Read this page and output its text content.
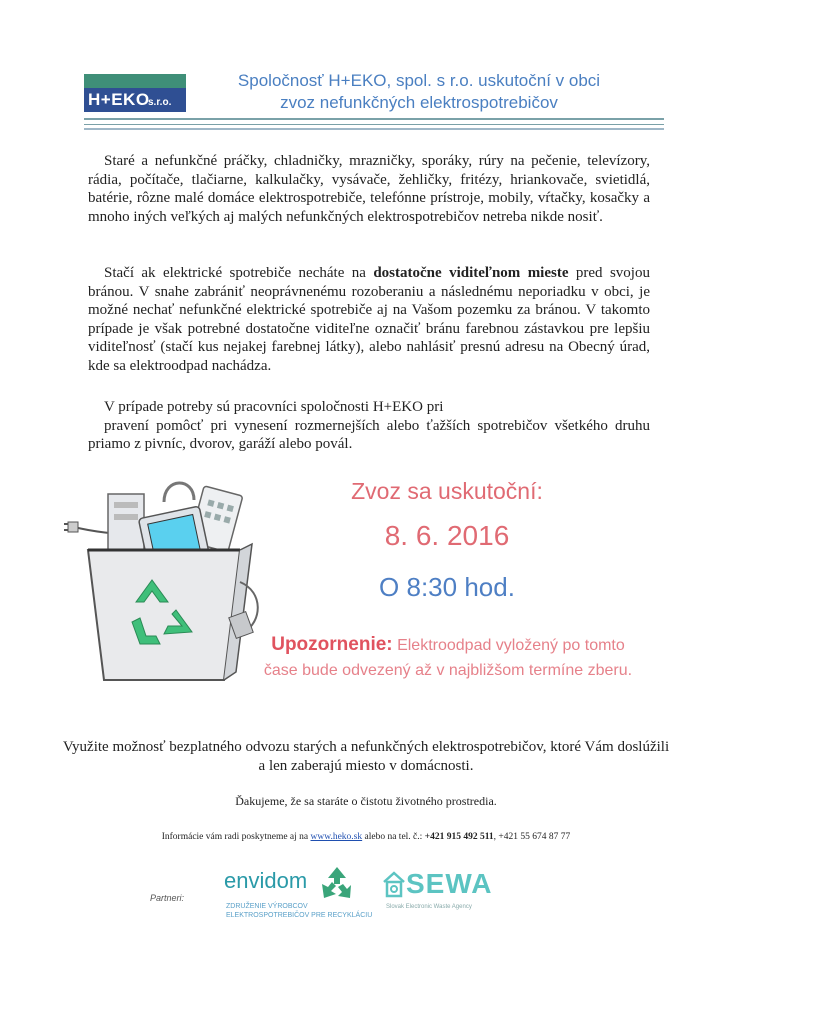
H+EKO
s.r.o.
Spoločnosť H+EKO, spol. s r.o. uskutoční v obci
zvoz nefunkčných elektrospotrebičov
Staré a nefunkčné práčky, chladničky, mrazničky, sporáky, rúry na pečenie, televízory, rádia, počítače, tlačiarne, kalkulačky, vysávače, žehličky, fritézy, hriankovače, svietidlá, batérie, rôzne malé domáce elektrospotrebiče, telefónne prístroje, mobily, vŕtačky, kosačky a mnoho iných veľkých aj malých nefunkčných elektrospotrebičov netreba nikde nosiť.
Stačí ak elektrické spotrebiče necháte na dostatočne viditeľnom mieste pred svojou bránou. V snahe zabrániť neoprávnenému rozoberaniu a následnému neporiadku v obci, je možné nechať nefunkčné elektrické spotrebiče aj na Vašom pozemku za bránou. V takomto prípade je však potrebné dostatočne viditeľne označiť bránu farebnou zástavkou pre lepšiu viditeľnosť (stačí kus nejakej farebnej látky), alebo nahlásiť presnú adresu na Obecný úrad, kde sa elektroodpad nachádza.
V prípade potreby sú pracovníci spoločnosti H+EKO pri
pravení pomôcť pri vynesení rozmernejších alebo ťažších spotrebičov všetkého druhu priamo z pivníc, dvorov, garáží alebo povál.
Zvoz sa uskutoční:
8. 6. 2016
O 8:30 hod.
Upozornenie: Elektroodpad vyložený po tomto čase bude odvezený až v najbližšom termíne zberu.
Využite možnosť bezplatného odvozu starých a nefunkčných elektrospotrebičov, ktoré Vám doslúžili a len zaberajú miesto v domácnosti.
Ďakujeme, že sa staráte o čistotu životného prostredia.
Informácie vám radi poskytneme aj na www.heko.sk alebo na tel. č.: +421 915 492 511, +421 55 674 87 77
Partneri:
envidom
ZDRUŽENIE VÝROBCOV
ELEKTROSPOTREBIČOV PRE RECYKLÁCIU
SEWA
Slovak Electronic Waste Agency
